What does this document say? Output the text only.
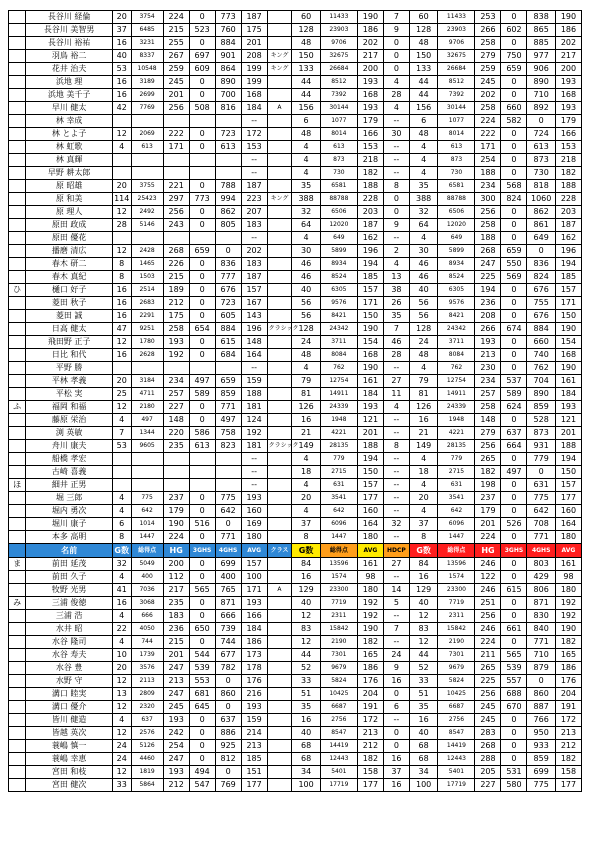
	長谷川 経倫	20	3754	224	0	773	187		60	11433	190	7	60	11433	253	0	838	190
	長谷川 美智男	37	6485	215	523	760	175		128	23903	186	9	128	23903	266	602	865	186
	長谷川 裕祐	16	3231	255	0	884	201		48	9706	202	0	48	9706	258	0	885	202
	羽鳥 裕二	40	8337	267	697	901	208	キング	150	32675	217	0	150	32675	279	750	977	217
	花井 治夫	53	10548	259	609	864	199	キング	133	26684	200	0	133	26684	259	659	906	200
	浜地 理	16	3189	245	0	890	199		44	8512	193	4	44	8512	245	0	890	193
	浜地 美千子	16	2699	201	0	700	168		44	7392	168	28	44	7392	202	0	710	168
	早川 健太	42	7769	256	508	816	184	A	156	30144	193	4	156	30144	258	660	892	193
	林 幸成						--		6	1077	179	--	6	1077	224	582	0	179
	林 とよ子	12	2069	222	0	723	172		48	8014	166	30	48	8014	222	0	724	166
	林 虹歌	4	613	171	0	613	153		4	613	153	--	4	613	171	0	613	153
	林 真輝						--		4	873	218	--	4	873	254	0	873	218
	早野 耕太郎						--		4	730	182	--	4	730	188	0	730	182
	原 昭雄	20	3755	221	0	788	187		35	6581	188	8	35	6581	234	568	818	188
	原 和美	114	25423	297	773	994	223	キング	388	88788	228	0	388	88788	300	824	1060	228
	原 理人	12	2492	256	0	862	207		32	6506	203	0	32	6506	256	0	862	203
	原田 政成	28	5146	243	0	805	183		64	12020	187	9	64	12020	258	0	861	187
	原田 優花						--		4	649	162	--	4	649	188	0	649	162
	播磨 清広	12	2428	268	659	0	202		30	5899	196	2	30	5899	268	659	0	196
	春木 研二	8	1465	226	0	836	183		46	8934	194	4	46	8934	247	550	836	194
	春木 真紀	8	1503	215	0	777	187		46	8524	185	13	46	8524	225	569	824	185
ひ	樋口 好子	16	2514	189	0	676	157		40	6305	157	38	40	6305	194	0	676	157
	菱田 秋子	16	2683	212	0	723	167		56	9576	171	26	56	9576	236	0	755	171
	菱田 誠	16	2291	175	0	605	143		56	8421	150	35	56	8421	208	0	676	150
	日高 健太	47	9251	258	654	884	196	クラシック	128	24342	190	7	128	24342	266	674	884	190
	飛田野 正子	12	1780	193	0	615	148		24	3711	154	46	24	3711	193	0	660	154
	日比 和代	16	2628	192	0	684	164		48	8084	168	28	48	8084	213	0	740	168
	平野 勝						--		4	762	190	--	4	762	230	0	762	190
	平林 孝義	20	3184	234	497	659	159		79	12754	161	27	79	12754	234	537	704	161
	平松 実	25	4711	257	589	859	188		81	14911	184	11	81	14911	257	589	890	184
ふ	福岡 和福	12	2180	227	0	771	181		126	24339	193	4	126	24339	258	624	859	193
	藤原 栄治	4	497	148	0	497	124		16	1948	121	--	16	1948	148	0	528	121
	渕 英敏	7	1344	220	586	758	192		21	4221	201	--	21	4221	279	637	873	201
	舟川 康夫	53	9605	235	613	823	181	クラシック	149	28135	188	8	149	28135	256	664	931	188
	船橋 孝宏						--		4	779	194	--	4	779	265	0	779	194
	古崎 喜義						--		18	2715	150	--	18	2715	182	497	0	150
ほ	細井 正男						--		4	631	157	--	4	631	198	0	631	157
	堀 三郎	4	775	237	0	775	193		20	3541	177	--	20	3541	237	0	775	177
	堀内 勇次	4	642	179	0	642	160		4	642	160	--	4	642	179	0	642	160
	堀川 康子	6	1014	190	516	0	169		37	6096	164	32	37	6096	201	526	708	164
	本多 高明	8	1447	224	0	771	180		8	1447	180	--	8	1447	224	0	771	180
	名前	G数	総得点	HG	3GHS	4GHS	AVG	クラス	G数	総得点	AVG	HDCP	G数	総得点	HG	3GHS	4GHS	AVG
ま	前田 延茂	32	5049	200	0	699	157		84	13596	161	27	84	13596	246	0	803	161
	前田 久子	4	400	112	0	400	100		16	1574	98	--	16	1574	122	0	429	98
	牧野 光男	41	7036	217	565	765	171	A	129	23300	180	14	129	23300	246	615	806	180
み	三浦 俊徳	16	3068	235	0	871	193		40	7719	192	5	40	7719	251	0	871	192
	三浦 浩	4	666	183	0	666	166		12	2311	192	--	12	2311	256	0	830	192
	水井 昭	22	4050	236	650	739	184		83	15842	190	7	83	15842	246	661	840	190
	水谷 隆司	4	744	215	0	744	186		12	2190	182	--	12	2190	224	0	771	182
	水谷 寿夫	10	1739	201	544	677	173		44	7301	165	24	44	7301	211	565	710	165
	水谷 豊	20	3576	247	539	782	178		52	9679	186	9	52	9679	265	539	879	186
	水野 守	12	2113	213	553	0	176		33	5824	176	16	33	5824	225	557	0	176
	溝口 睦実	13	2809	247	681	860	216		51	10425	204	0	51	10425	256	688	860	204
	溝口 優介	12	2320	245	645	0	193		35	6687	191	6	35	6687	245	670	887	191
	皆川 健造	4	637	193	0	637	159		16	2756	172	--	16	2756	245	0	766	172
	皆越 英次	12	2576	242	0	886	214		40	8547	213	0	40	8547	283	0	950	213
	蓑嶋 慎一	24	5126	254	0	925	213		68	14419	212	0	68	14419	268	0	933	212
	蓑嶋 幸恵	24	4460	247	0	812	185		68	12443	182	16	68	12443	288	0	859	182
	宮田 和枝	12	1819	193	494	0	151		34	5401	158	37	34	5401	205	531	699	158
	宮田 健次	33	5864	212	547	769	177		100	17719	177	16	100	17719	227	580	775	177
